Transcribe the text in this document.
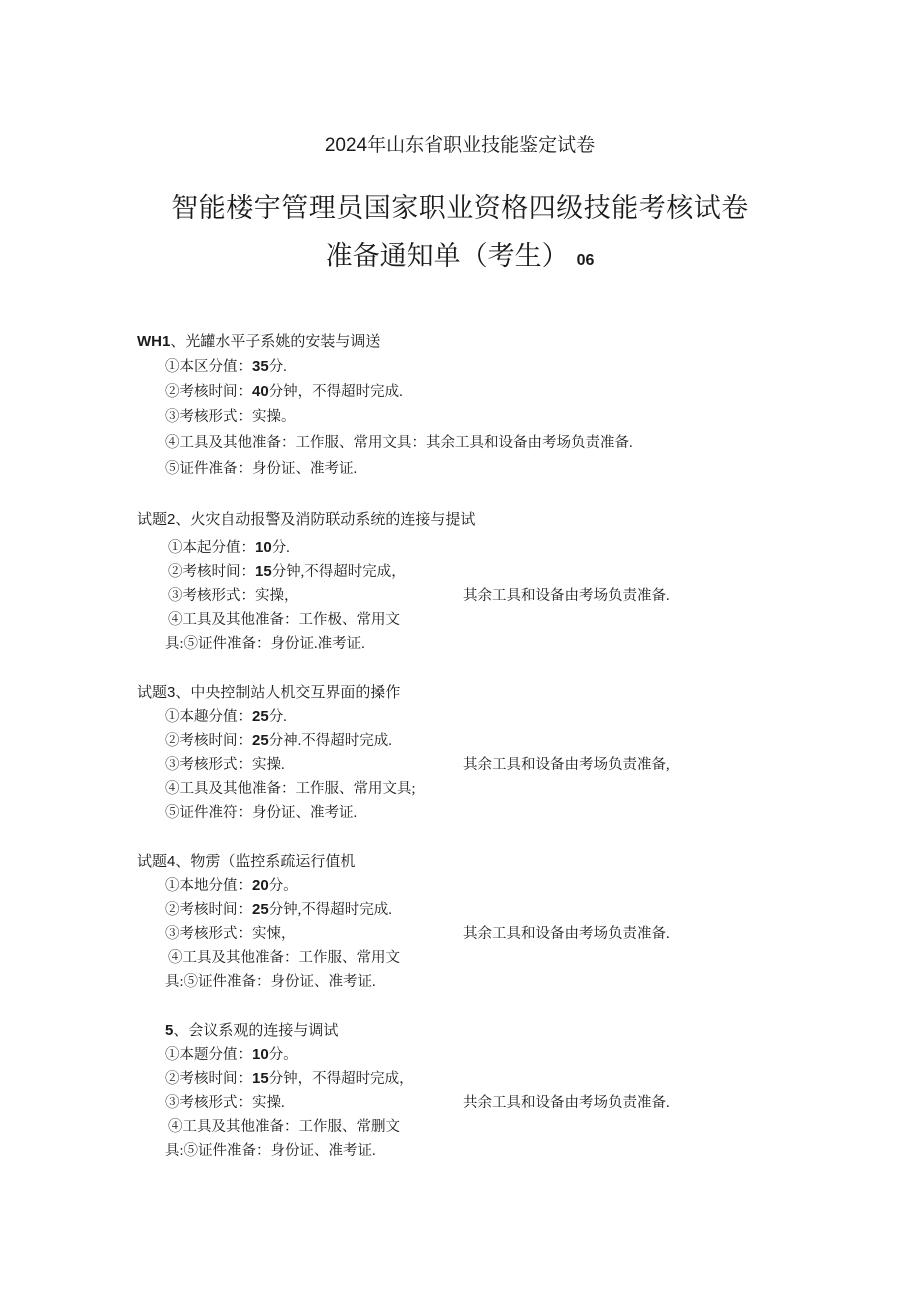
2024年山东省职业技能鉴定试卷
智能楼宇管理员国家职业资格四级技能考核试卷
准备通知单（考生） 06
WH1、光罐水平子系姚的安装与调送
①本区分值：35分.
②考核时间：40分钟，不得超时完成.
③考核形式：实操。
④工具及其他准备：工作服、常用文具：其余工具和设备由考场负责准备.
⑤证件准备：身份证、准考证.
试题2、火灾自动报警及消防联动系统的连接与提试
①本起分值：10分.
②考核时间：15分钟,不得超时完成，
③考核形式：实操，	其余工具和设备由考场负责准备.
④工具及其他准备：工作极、常用文
具:⑤证件准备：身份证.准考证.
试题3、中央控制站人机交互界面的搡作
①本趣分值：25分.
②考核时间：25分神.不得超时完成.
③考核形式：实操.	其余工具和设备由考场负责准备,
④工具及其他准备：工作服、常用文具;
⑤证件准符：身份证、准考证.
试题4、物雳（监控系疏运行值机
①本地分值：20分。
②考核时间：25分钟,不得超时完成.
③考核形式：实悚，	其余工具和设备由考场负责准备.
④工具及其他准备：工作服、常用文
具:⑤证件准备：身份证、准考证.
5、会议系观的连接与调试
①本题分值：10分。
②考核时间：15分钟，不得超时完成，
③考核形式：实操.	共余工具和设备由考场负责准备.
④工具及其他准备：工作服、常删文
具:⑤证件准备：身份证、准考证.
